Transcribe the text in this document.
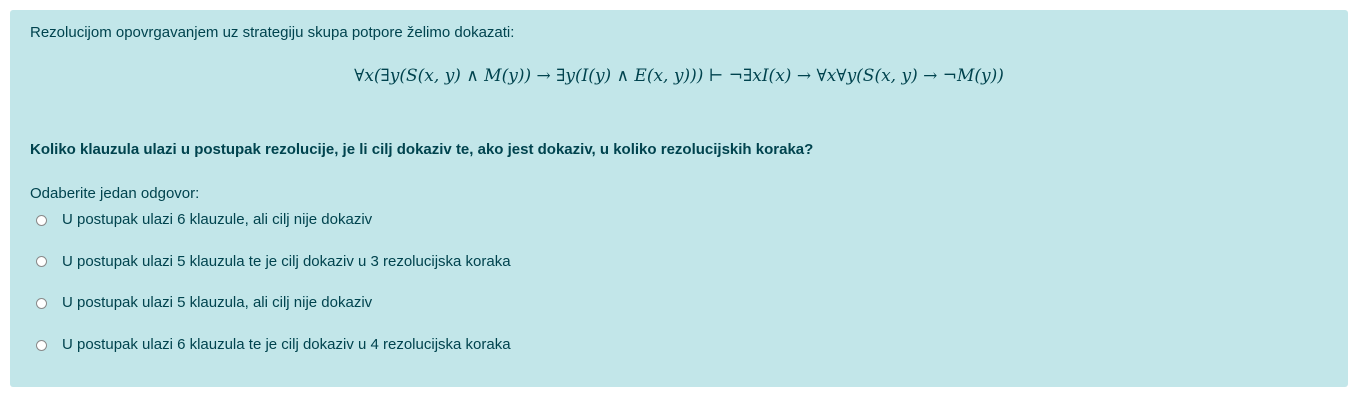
Rezolucijom opovrgavanjem uz strategiju skupa potpore želimo dokazati:
∀x(∃y(S(x, y) ∧ M(y)) → ∃y(I(y) ∧ E(x, y))) ⊢ ¬∃xI(x) → ∀x∀y(S(x, y) → ¬M(y))
Koliko klauzula ulazi u postupak rezolucije, je li cilj dokaziv te, ako jest dokaziv, u koliko rezolucijskih koraka?
Odaberite jedan odgovor:
U postupak ulazi 6 klauzule, ali cilj nije dokaziv
U postupak ulazi 5 klauzula te je cilj dokaziv u 3 rezolucijska koraka
U postupak ulazi 5 klauzula, ali cilj nije dokaziv
U postupak ulazi 6 klauzula te je cilj dokaziv u 4 rezolucijska koraka
